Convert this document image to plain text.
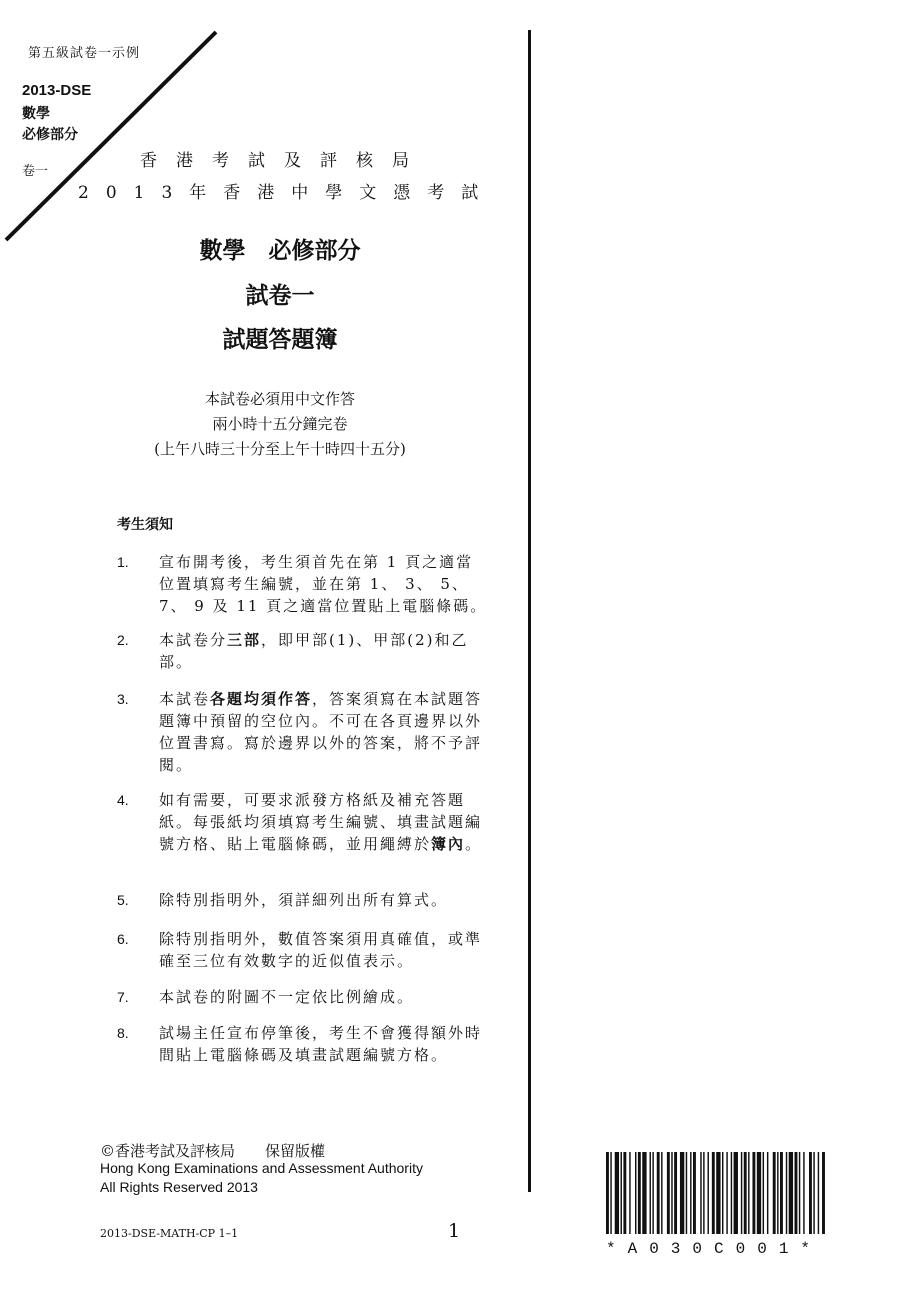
第五級試卷一示例
2013-DSE
數學
必修部分
卷一
香港考試及評核局
2013年香港中學文憑考試
數學　必修部分
試卷一
試題答題簿
本試卷必須用中文作答
兩小時十五分鐘完卷
(上午八時三十分至上午十時四十五分)
考生須知
1. 宣布開考後，考生須首先在第 1 頁之適當位置填寫考生編號，並在第 1、 3、 5、 7、 9 及 11 頁之適當位置貼上電腦條碼。
2. 本試卷分三部，即甲部(1)、甲部(2)和乙部。
3. 本試卷各題均須作答，答案須寫在本試題答題簿中預留的空位內。不可在各頁邊界以外位置書寫。寫於邊界以外的答案，將不予評閱。
4. 如有需要，可要求派發方格紙及補充答題紙。每張紙均須填寫考生編號、填畫試題編號方格、貼上電腦條碼，並用繩縛於簿內。
5. 除特別指明外，須詳細列出所有算式。
6. 除特別指明外，數值答案須用真確值，或準確至三位有效數字的近似值表示。
7. 本試卷的附圖不一定依比例繪成。
8. 試場主任宣布停筆後，考生不會獲得額外時間貼上電腦條碼及填畫試題編號方格。
©香港考試及評核局　　保留版權
Hong Kong Examinations and Assessment Authority
All Rights Reserved 2013
2013-DSE-MATH-CP 1–1	1
*A030C001*
